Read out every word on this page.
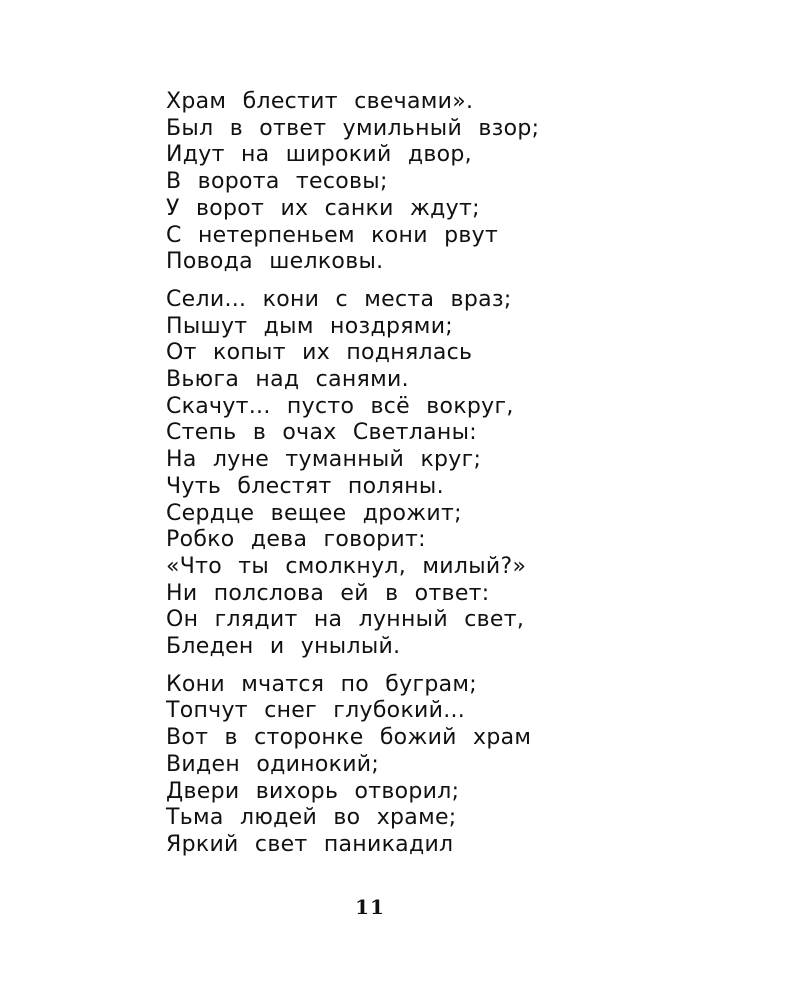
Храм блестит свечами».
Был в ответ умильный взор;
Идут на широкий двор,
В ворота тесовы;
У ворот их санки ждут;
С нетерпеньем кони рвут
Повода шелковы.
Сели... кони с места враз;
Пышут дым ноздрями;
От копыт их поднялась
Вьюга над санями.
Скачут... пусто всё вокруг,
Степь в очах Светланы:
На луне туманный круг;
Чуть блестят поляны.
Сердце вещее дрожит;
Робко дева говорит:
«Что ты смолкнул, милый?»
Ни полслова ей в ответ:
Он глядит на лунный свет,
Бледен и унылый.
Кони мчатся по буграм;
Топчут снег глубокий...
Вот в сторонке божий храм
Виден одинокий;
Двери вихорь отворил;
Тьма людей во храме;
Яркий свет паникадил
11
